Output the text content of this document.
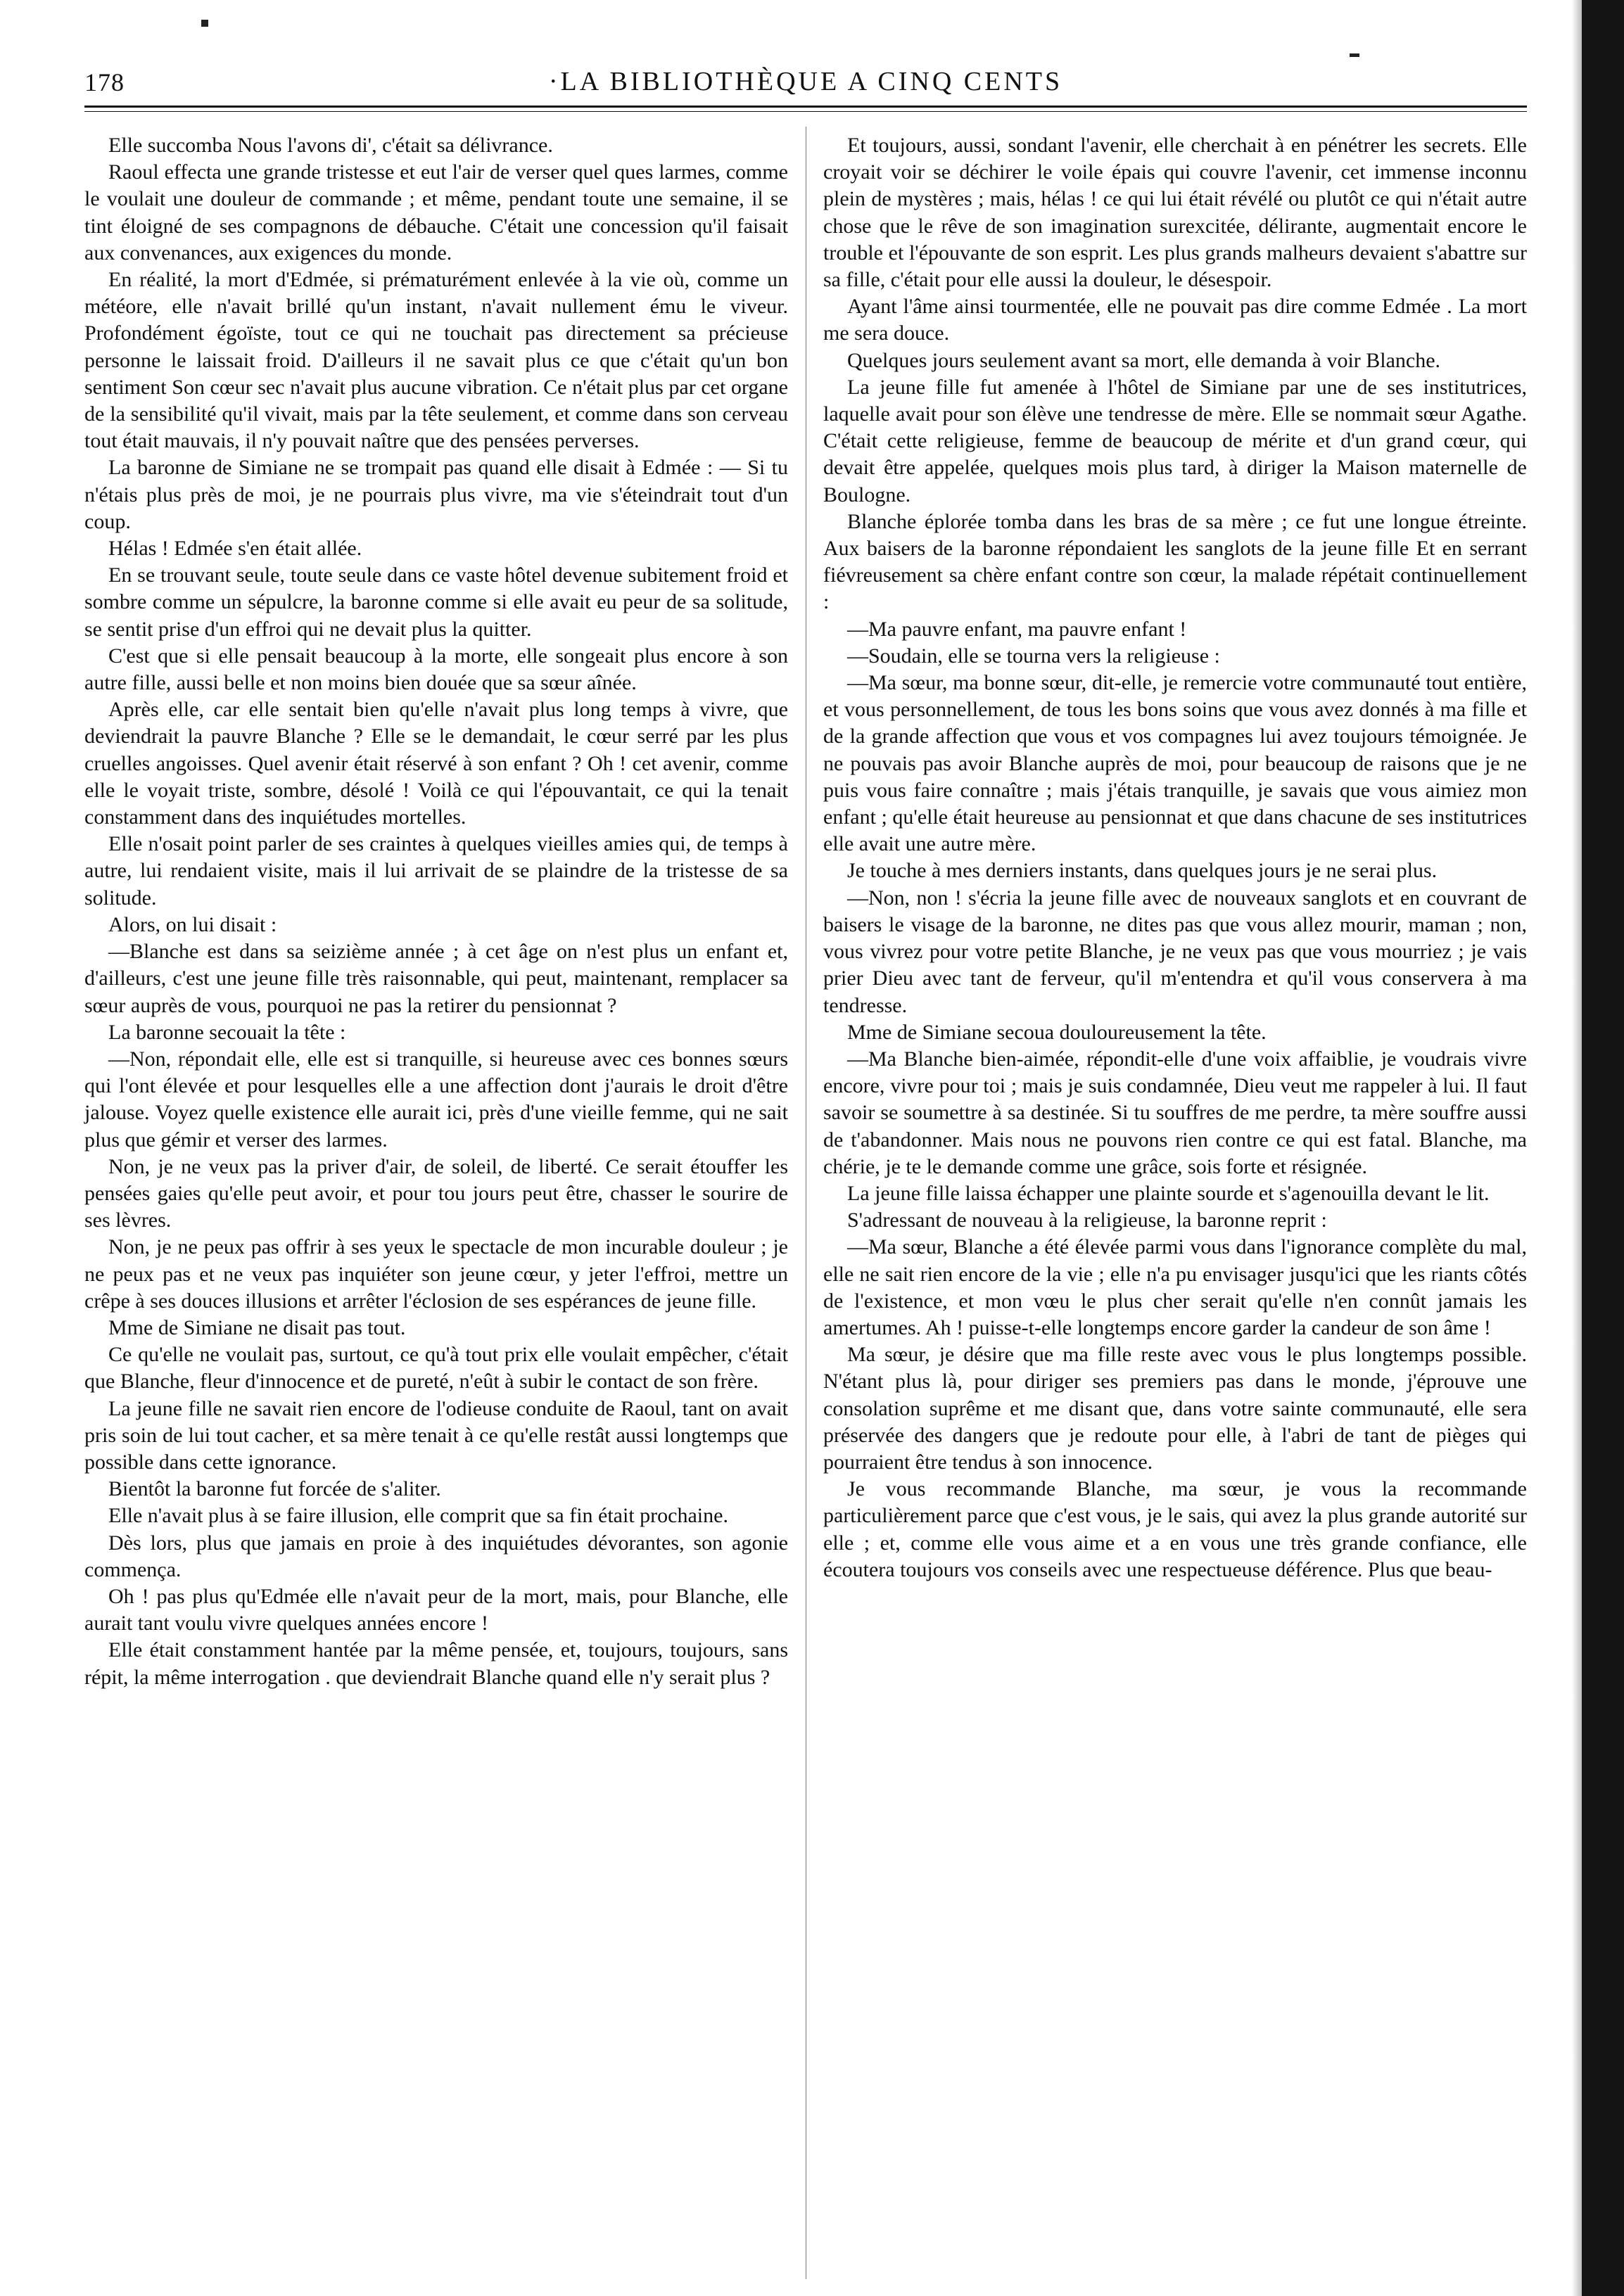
178	·LA BIBLIOTHÈQUE A CINQ CENTS

Elle succomba Nous l'avons di', c'était sa délivrance.

Raoul effecta une grande tristesse et eut l'air de verser quel ques larmes, comme le voulait une douleur de commande ; et même, pendant toute une semaine, il se tint éloigné de ses compagnons de débauche. C'était une concession qu'il faisait aux convenances, aux exigences du monde.

En réalité, la mort d'Edmée, si prématurément enlevée à la vie où, comme un météore, elle n'avait brillé qu'un instant, n'avait nullement ému le viveur. Profondément égoïste, tout ce qui ne touchait pas directement sa précieuse personne le laissait froid. D'ailleurs il ne savait plus ce que c'était qu'un bon sentiment Son cœur sec n'avait plus aucune vibration. Ce n'était plus par cet organe de la sensibilité qu'il vivait, mais par la tête seulement, et comme dans son cerveau tout était mauvais, il n'y pouvait naître que des pensées perverses.

La baronne de Simiane ne se trompait pas quand elle disait à Edmée : — Si tu n'étais plus près de moi, je ne pourrais plus vivre, ma vie s'éteindrait tout d'un coup.

Hélas ! Edmée s'en était allée.

En se trouvant seule, toute seule dans ce vaste hôtel devenue subitement froid et sombre comme un sépulcre, la baronne comme si elle avait eu peur de sa solitude, se sentit prise d'un effroi qui ne devait plus la quitter.

C'est que si elle pensait beaucoup à la morte, elle songeait plus encore à son autre fille, aussi belle et non moins bien douée que sa sœur aînée.

Après elle, car elle sentait bien qu'elle n'avait plus long temps à vivre, que deviendrait la pauvre Blanche ? Elle se le demandait, le cœur serré par les plus cruelles angoisses. Quel avenir était réservé à son enfant ? Oh ! cet avenir, comme elle le voyait triste, sombre, désolé ! Voilà ce qui l'épouvantait, ce qui la tenait constamment dans des inquiétudes mortelles.

Elle n'osait point parler de ses craintes à quelques vieilles amies qui, de temps à autre, lui rendaient visite, mais il lui arrivait de se plaindre de la tristesse de sa solitude.

Alors, on lui disait :

—Blanche est dans sa seizième année ; à cet âge on n'est plus un enfant et, d'ailleurs, c'est une jeune fille très raisonnable, qui peut, maintenant, remplacer sa sœur auprès de vous, pourquoi ne pas la retirer du pensionnat ?

La baronne secouait la tête :

—Non, répondait elle, elle est si tranquille, si heureuse avec ces bonnes sœurs qui l'ont élevée et pour lesquelles elle a une affection dont j'aurais le droit d'être jalouse. Voyez quelle existence elle aurait ici, près d'une vieille femme, qui ne sait plus que gémir et verser des larmes.

Non, je ne veux pas la priver d'air, de soleil, de liberté. Ce serait étouffer les pensées gaies qu'elle peut avoir, et pour tou jours peut être, chasser le sourire de ses lèvres.

Non, je ne peux pas offrir à ses yeux le spectacle de mon incurable douleur ; je ne peux pas et ne veux pas inquiéter son jeune cœur, y jeter l'effroi, mettre un crêpe à ses douces illusions et arrêter l'éclosion de ses espérances de jeune fille.

Mme de Simiane ne disait pas tout.

Ce qu'elle ne voulait pas, surtout, ce qu'à tout prix elle voulait empêcher, c'était que Blanche, fleur d'innocence et de pureté, n'eût à subir le contact de son frère.

La jeune fille ne savait rien encore de l'odieuse conduite de Raoul, tant on avait pris soin de lui tout cacher, et sa mère tenait à ce qu'elle restât aussi longtemps que possible dans cette ignorance.

Bientôt la baronne fut forcée de s'aliter.

Elle n'avait plus à se faire illusion, elle comprit que sa fin était prochaine.

Dès lors, plus que jamais en proie à des inquiétudes dévorantes, son agonie commença.

Oh ! pas plus qu'Edmée elle n'avait peur de la mort, mais, pour Blanche, elle aurait tant voulu vivre quelques années encore !

Elle était constamment hantée par la même pensée, et, toujours, toujours, sans répit, la même interrogation . que deviendrait Blanche quand elle n'y serait plus ?

Et toujours, aussi, sondant l'avenir, elle cherchait à en pénétrer les secrets. Elle croyait voir se déchirer le voile épais qui couvre l'avenir, cet immense inconnu plein de mystères ; mais, hélas ! ce qui lui était révélé ou plutôt ce qui n'était autre chose que le rêve de son imagination surexcitée, délirante, augmentait encore le trouble et l'épouvante de son esprit. Les plus grands malheurs devaient s'abattre sur sa fille, c'était pour elle aussi la douleur, le désespoir.

Ayant l'âme ainsi tourmentée, elle ne pouvait pas dire comme Edmée . La mort me sera douce.

Quelques jours seulement avant sa mort, elle demanda à voir Blanche.

La jeune fille fut amenée à l'hôtel de Simiane par une de ses institutrices, laquelle avait pour son élève une tendresse de mère. Elle se nommait sœur Agathe. C'était cette religieuse, femme de beaucoup de mérite et d'un grand cœur, qui devait être appelée, quelques mois plus tard, à diriger la Maison maternelle de Boulogne.

Blanche éplorée tomba dans les bras de sa mère ; ce fut une longue étreinte. Aux baisers de la baronne répondaient les sanglots de la jeune fille Et en serrant fiévreusement sa chère enfant contre son cœur, la malade répétait continuellement :

—Ma pauvre enfant, ma pauvre enfant !

—Soudain, elle se tourna vers la religieuse :

—Ma sœur, ma bonne sœur, dit-elle, je remercie votre communauté tout entière, et vous personnellement, de tous les bons soins que vous avez donnés à ma fille et de la grande affection que vous et vos compagnes lui avez toujours témoignée. Je ne pouvais pas avoir Blanche auprès de moi, pour beaucoup de raisons que je ne puis vous faire connaître ; mais j'étais tranquille, je savais que vous aimiez mon enfant ; qu'elle était heureuse au pensionnat et que dans chacune de ses institutrices elle avait une autre mère.

Je touche à mes derniers instants, dans quelques jours je ne serai plus.

—Non, non ! s'écria la jeune fille avec de nouveaux sanglots et en couvrant de baisers le visage de la baronne, ne dites pas que vous allez mourir, maman ; non, vous vivrez pour votre petite Blanche, je ne veux pas que vous mourriez ; je vais prier Dieu avec tant de ferveur, qu'il m'entendra et qu'il vous conservera à ma tendresse.

Mme de Simiane secoua douloureusement la tête.

—Ma Blanche bien-aimée, répondit-elle d'une voix affaiblie, je voudrais vivre encore, vivre pour toi ; mais je suis condamnée, Dieu veut me rappeler à lui. Il faut savoir se soumettre à sa destinée. Si tu souffres de me perdre, ta mère souffre aussi de t'abandonner. Mais nous ne pouvons rien contre ce qui est fatal. Blanche, ma chérie, je te le demande comme une grâce, sois forte et résignée.

La jeune fille laissa échapper une plainte sourde et s'agenouilla devant le lit.

S'adressant de nouveau à la religieuse, la baronne reprit :

—Ma sœur, Blanche a été élevée parmi vous dans l'ignorance complète du mal, elle ne sait rien encore de la vie ; elle n'a pu envisager jusqu'ici que les riants côtés de l'existence, et mon vœu le plus cher serait qu'elle n'en connût jamais les amertumes. Ah ! puisse-t-elle longtemps encore garder la candeur de son âme !

Ma sœur, je désire que ma fille reste avec vous le plus longtemps possible. N'étant plus là, pour diriger ses premiers pas dans le monde, j'éprouve une consolation suprême et me disant que, dans votre sainte communauté, elle sera préservée des dangers que je redoute pour elle, à l'abri de tant de pièges qui pourraient être tendus à son innocence.

Je vous recommande Blanche, ma sœur, je vous la recommande particulièrement parce que c'est vous, je le sais, qui avez la plus grande autorité sur elle ; et, comme elle vous aime et a en vous une très grande confiance, elle écoutera toujours vos conseils avec une respectueuse déférence. Plus que beau-
